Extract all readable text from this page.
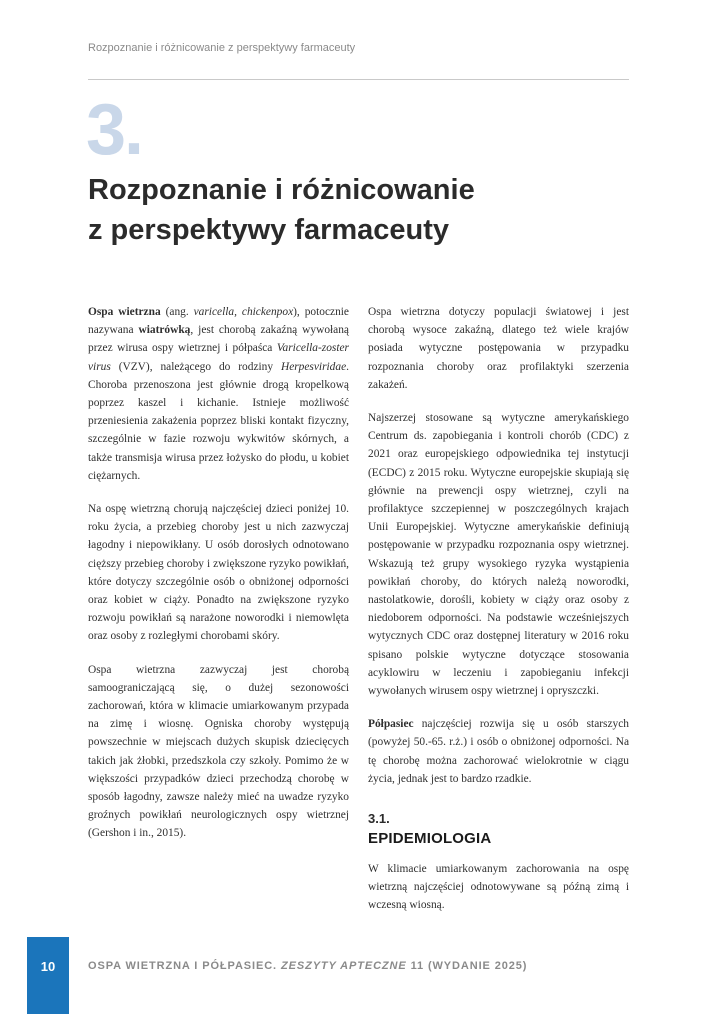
Rozpoznanie i różnicowanie z perspektywy farmaceuty
3.
Rozpoznanie i różnicowanie
z perspektywy farmaceuty

Ospa wietrzna (ang. varicella, chickenpox), potocznie nazywana wiatrówką, jest chorobą zakaźną wywołaną przez wirusa ospy wietrznej i półpaśca Varicella-zoster virus (VZV), należącego do rodziny Herpesviridae. Choroba przenoszona jest głównie drogą kropelkową poprzez kaszel i kichanie. Istnieje możliwość przeniesienia zakażenia poprzez bliski kontakt fizyczny, szczególnie w fazie rozwoju wykwitów skórnych, a także transmisja wirusa przez łożysko do płodu, u kobiet ciężarnych.

Na ospę wietrzną chorują najczęściej dzieci poniżej 10. roku życia, a przebieg choroby jest u nich zazwyczaj łagodny i niepowikłany. U osób dorosłych odnotowano cięższy przebieg choroby i zwiększone ryzyko powikłań, które dotyczy szczególnie osób o obniżonej odporności oraz kobiet w ciąży. Ponadto na zwiększone ryzyko rozwoju powikłań są narażone noworodki i niemowlęta oraz osoby z rozległymi chorobami skóry.

Ospa wietrzna zazwyczaj jest chorobą samoograniczającą się, o dużej sezonowości zachorowań, która w klimacie umiarkowanym przypada na zimę i wiosnę. Ogniska choroby występują powszechnie w miejscach dużych skupisk dziecięcych takich jak żłobki, przedszkola czy szkoły. Pomimo że w większości przypadków dzieci przechodzą chorobę w sposób łagodny, zawsze należy mieć na uwadze ryzyko groźnych powikłań neurologicznych ospy wietrznej (Gershon i in., 2015).

Ospa wietrzna dotyczy populacji światowej i jest chorobą wysoce zakaźną, dlatego też wiele krajów posiada wytyczne postępowania w przypadku rozpoznania choroby oraz profilaktyki szerzenia zakażeń.

Najszerzej stosowane są wytyczne amerykańskiego Centrum ds. zapobiegania i kontroli chorób (CDC) z 2021 oraz europejskiego odpowiednika tej instytucji (ECDC) z 2015 roku. Wytyczne europejskie skupiają się głównie na prewencji ospy wietrznej, czyli na profilaktyce szczepiennej w poszczególnych krajach Unii Europejskiej. Wytyczne amerykańskie definiują postępowanie w przypadku rozpoznania ospy wietrznej. Wskazują też grupy wysokiego ryzyka wystąpienia powikłań choroby, do których należą noworodki, nastolatkowie, dorośli, kobiety w ciąży oraz osoby z niedoborem odporności. Na podstawie wcześniejszych wytycznych CDC oraz dostępnej literatury w 2016 roku spisano polskie wytyczne dotyczące stosowania acyklowiru w leczeniu i zapobieganiu infekcji wywołanych wirusem ospy wietrznej i opryszczki.

Półpasiec najczęściej rozwija się u osób starszych (powyżej 50.-65. r.ż.) i osób o obniżonej odporności. Na tę chorobę można zachorować wielokrotnie w ciągu życia, jednak jest to bardzo rzadkie.

3.1.
EPIDEMIOLOGIA

W klimacie umiarkowanym zachorowania na ospę wietrzną najczęściej odnotowywane są późną zimą i wczesną wiosną.

10	OSPA WIETRZNA I PÓŁPASIEC. ZESZYTY APTECZNE 11 (WYDANIE 2025)
